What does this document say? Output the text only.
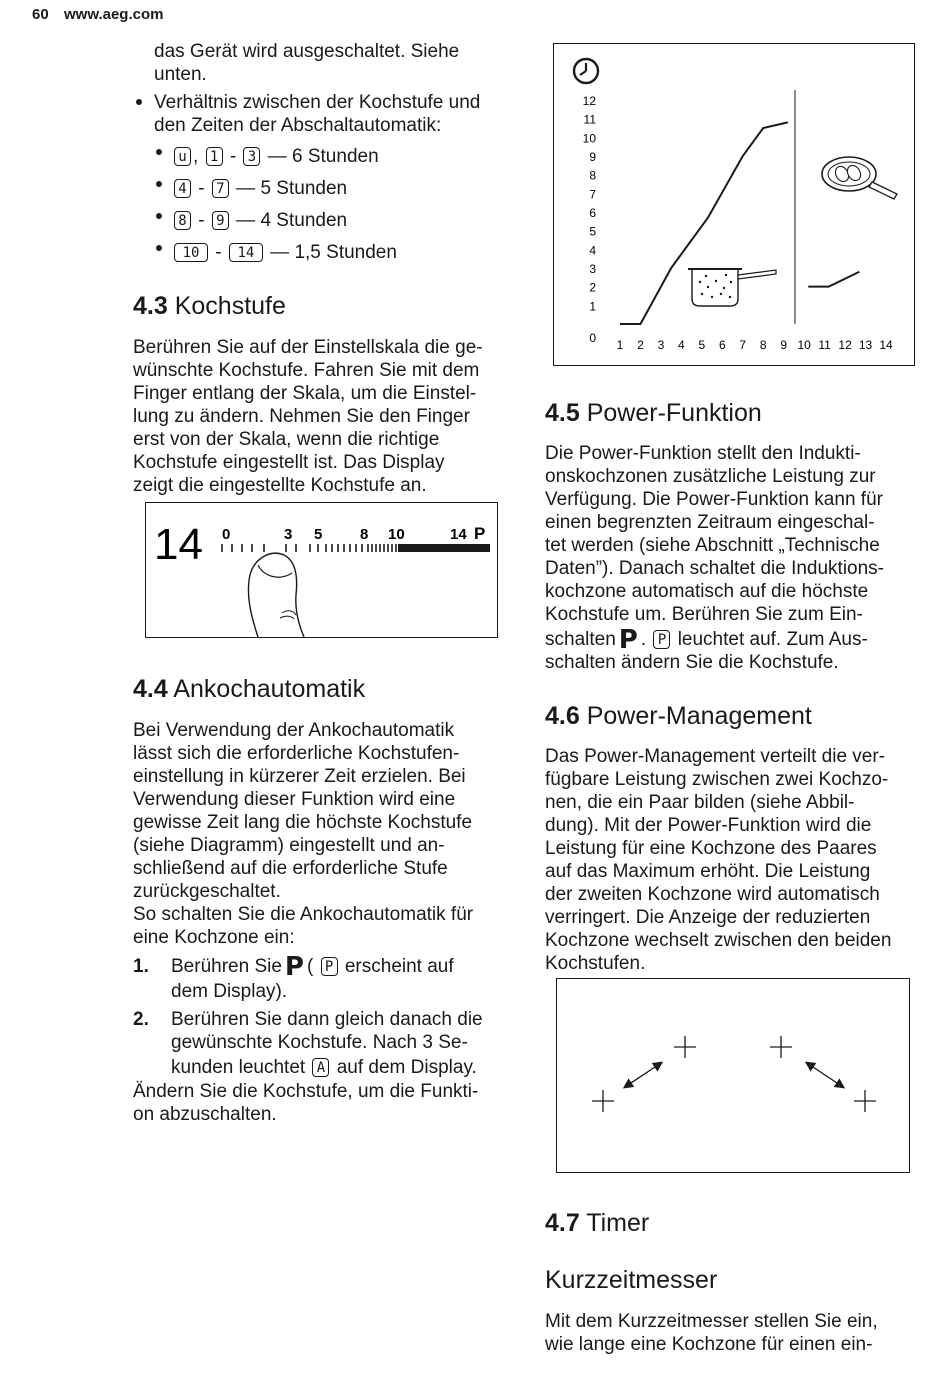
60 www.aeg.com

das Gerät wird ausgeschaltet. Siehe
unten.

Verhältnis zwischen der Kochstufe und
den Zeiten der Abschaltautomatik:

u ,
1 - 3
— 6 Stunden
4 - 7
— 5 Stunden
8 - 9
— 4 Stunden
10 - 14
— 1,5 Stunden
4.3 Kochstufe

Berühren Sie auf der Einstellskala die ge-
wünschte Kochstufe. Fahren Sie mit dem
Finger entlang der Skala, um die Einstel-
lung zu ändern. Nehmen Sie den Finger
erst von der Skala, wenn die richtige
Kochstufe eingestellt ist. Das Display
zeigt die eingestellte Kochstufe an.

14 0	3 5	8 10	14 P
4.4 Ankochautomatik

Bei Verwendung der Ankochautomatik
lässt sich die erforderliche Kochstufen-
einstellung in kürzerer Zeit erzielen. Bei
Verwendung dieser Funktion wird eine
gewisse Zeit lang die höchste Kochstufe
(siehe Diagramm) eingestellt und an-
schließend auf die erforderliche Stufe
zurückgeschaltet.
So schalten Sie die Ankochautomatik für
eine Kochzone ein:

1. Berühren Sie P (
P
erscheint auf
dem Display).
2. Berühren Sie dann gleich danach die
gewünschte Kochstufe. Nach 3 Se-
kunden leuchtet
A
auf dem Display.

Ändern Sie die Kochstufe, um die Funkti-
on abzuschalten.

0
1
2
3
4
5
6
7
8
9
10
11
12
1 2 3 4 5 6 7 8 9 10 11 12 13 14
4.5 Power-Funktion

Die Power-Funktion stellt den Indukti-
onskochzonen zusätzliche Leistung zur
Verfügung. Die Power-Funktion kann für
einen begrenzten Zeitraum eingeschal-
tet werden (siehe Abschnitt „Technische
Daten”). Danach schaltet die Induktions-
kochzone automatisch auf die höchste
Kochstufe um. Berühren Sie zum Ein-

schalten P .
P
leuchtet auf. Zum Aus-
schalten ändern Sie die Kochstufe.
4.6 Power-Management

Das Power-Management verteilt die ver-
fügbare Leistung zwischen zwei Kochzo-
nen, die ein Paar bilden (siehe Abbil-
dung). Mit der Power-Funktion wird die
Leistung für eine Kochzone des Paares
auf das Maximum erhöht. Die Leistung
der zweiten Kochzone wird automatisch
verringert. Die Anzeige der reduzierten
Kochzone wechselt zwischen den beiden
Kochstufen.

4.7 Timer
Kurzzeitmesser

Mit dem Kurzzeitmesser stellen Sie ein,
wie lange eine Kochzone für einen ein-
